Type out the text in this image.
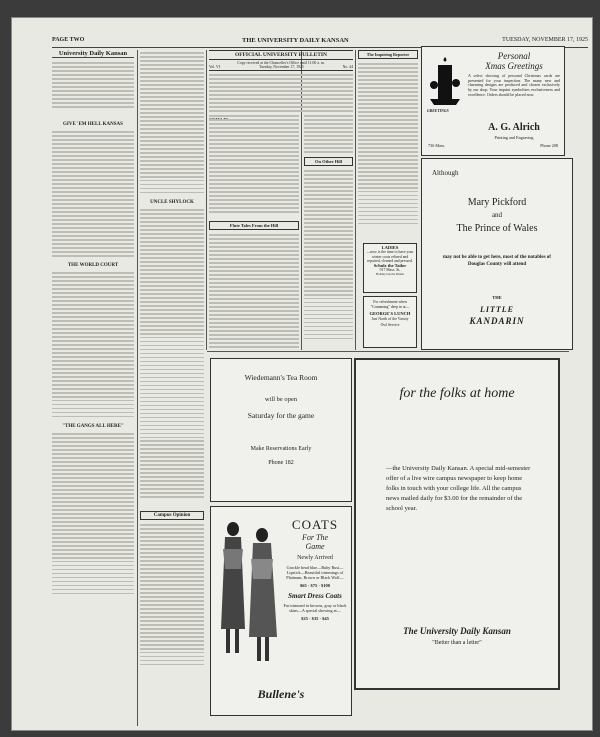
PAGE TWO	THE UNIVERSITY DAILY KANSAN	TUESDAY, NOVEMBER 17, 1925
University Daily Kansan
GIVE 'EM HELL KANSAS
THE WORLD COURT
"THE GANGS ALL HERE"
UNCLE SHYLOCK
Campus Opinion
OFFICIAL UNIVERSITY BULLETIN
Copy received at the Chancellor's Office until 11:00 a. m.
Vol. VI	Tuesday, November 17, 1925	No. 44
Flute Tales From the Hill
On Other Hill
The Inquiring Reporter
LADIES
—now is the time to have your winter coats relined and repaired, cleaned and pressed.
Schulz the Tailor
917 Mass. St.
Holiday bus the Drama
For refreshment when "Cramming" deep in at—
GEORGE'S LUNCH
Just North of the Varsity
Owl Service
GREETINGS
Personal
Xmas Greetings
A select showing of personal Christmas cards are presented for your inspection. The many new and charming designs are produced and chosen exclusively by our shop. Your imprint symbolizes exclusiveness and excellence. Orders should be placed now.
A. G. Alrich
Printing and Engraving
736 Mass.	Phone 208
Although
Mary Pickford
and
The Prince of Wales
may not be able to get here, most of the notables of Douglas County will attend
THE
LITTLE
KANDARIN
Wiedemann's Tea Room
will be open
Saturday for the game
Make Reservations Early
Phone 182
COATS
For The
Game
Newly Arrived
Grackle head blue—Ruby Rust—Lipstick—Beautiful trimmings of Platinum, Brown or Black Wolf—
$65 · $75 · $100
Smart Dress Coats
Fur trimmed in browns, gray or black skins—A special showing at—
$25 · $35 · $45
Bullene's
for the folks at home
—the University Daily Kansan. A special mid-semester offer of a live wire campus newspaper to keep home folks in touch with your college life. All the campus news mailed daily for $3.00 for the remainder of the school year.
The University Daily Kansan
"Better than a letter"
